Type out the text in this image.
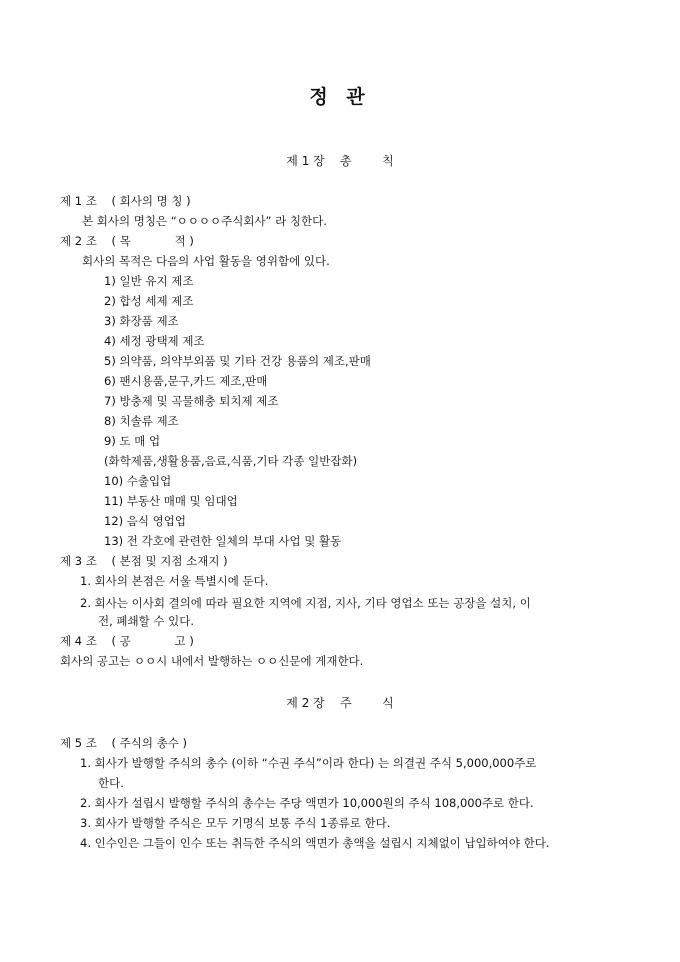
정 관
제 1 장    총        칙
제 1 조    ( 회사의 명 칭 )
본 회사의 명칭은 “ㅇㅇㅇㅇ주식회사” 라 칭한다.
제 2 조    ( 목            적 )
회사의 목적은 다음의 사업 활동을 영위함에 있다.
1) 일반 유지 제조
2) 합성 세제 제조
3) 화장품 제조
4) 세정 광택제 제조
5) 의약품, 의약부외품 및 기타 건강 용품의 제조,판매
6) 팬시용품,문구,카드 제조,판매
7) 방충제 및 곡물해충 퇴치제 제조
8) 치솔류 제조
9) 도 매 업
(화학제품,생활용품,음료,식품,기타 각종 일반잡화)
10) 수출입업
11) 부동산 매매 및 임대업
12) 음식 영업업
13) 전 각호에 관련한 일체의 부대 사업 및 활동
제 3 조    ( 본점 및 지점 소재지 )
1. 회사의 본점은 서울 특별시에 둔다.
2. 회사는 이사회 결의에 따라 필요한 지역에 지점, 지사, 기타 영업소 또는 공장을 설치, 이
전, 폐쇄할 수 있다.
제 4 조    ( 공            고 )
회사의 공고는 ㅇㅇ시 내에서 발행하는 ㅇㅇ신문에 게재한다.
제 2 장    주        식
제 5 조    ( 주식의 총수 )
1. 회사가 발행할 주식의 총수 (이하 “수권 주식”이라 한다) 는 의결권 주식 5,000,000주로
한다.
2. 회사가 설립시 발행할 주식의 총수는 주당 액면가 10,000원의 주식 108,000주로 한다.
3. 회사가 발행할 주식은 모두 기명식 보통 주식 1종류로 한다.
4. 인수인은 그들이 인수 또는 취득한 주식의 액면가 총액을 설립시 지체없이 납입하여야 한다.
